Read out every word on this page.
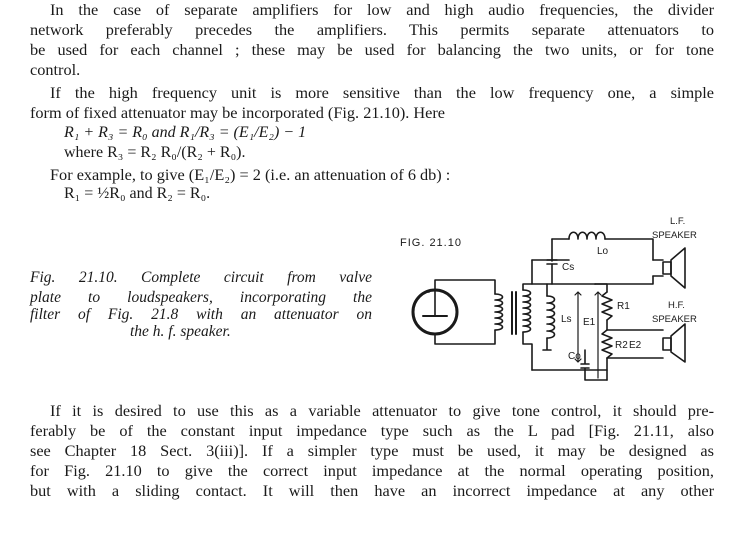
In the case of separate amplifiers for low and high audio frequencies, the divider
network preferably precedes the amplifiers. This permits separate attenuators to
be used for each channel ; these may be used for balancing the two units, or for tone
control.
If the high frequency unit is more sensitive than the low frequency one, a simple
form of fixed attenuator may be incorporated (Fig. 21.10). Here
R₁ + R₃ = R₀ and R₁/R₃ = (E₁/E₂) − 1
where R₃ = R₂ R₀/(R₂ + R₀).
For example, to give (E₁/E₂) = 2 (i.e. an attenuation of 6 db) :
R₁ = ½R₀ and R₂ = R₀.
Fig. 21.10. Complete circuit from valve
plate to loudspeakers, incorporating the
filter of Fig. 21.8 with an attenuator on
the h. f. speaker.
FIG. 21.10
Cs
Lo
Ls E1
Co
R1
R2 E2
L.F.
SPEAKER
H.F.
SPEAKER
If it is desired to use this as a variable attenuator to give tone control, it should pre-
ferably be of the constant input impedance type such as the L pad [Fig. 21.11, also
see Chapter 18 Sect. 3(iii)]. If a simpler type must be used, it may be designed as
for Fig. 21.10 to give the correct input impedance at the normal operating position,
but with a sliding contact. It will then have an incorrect impedance at any other
